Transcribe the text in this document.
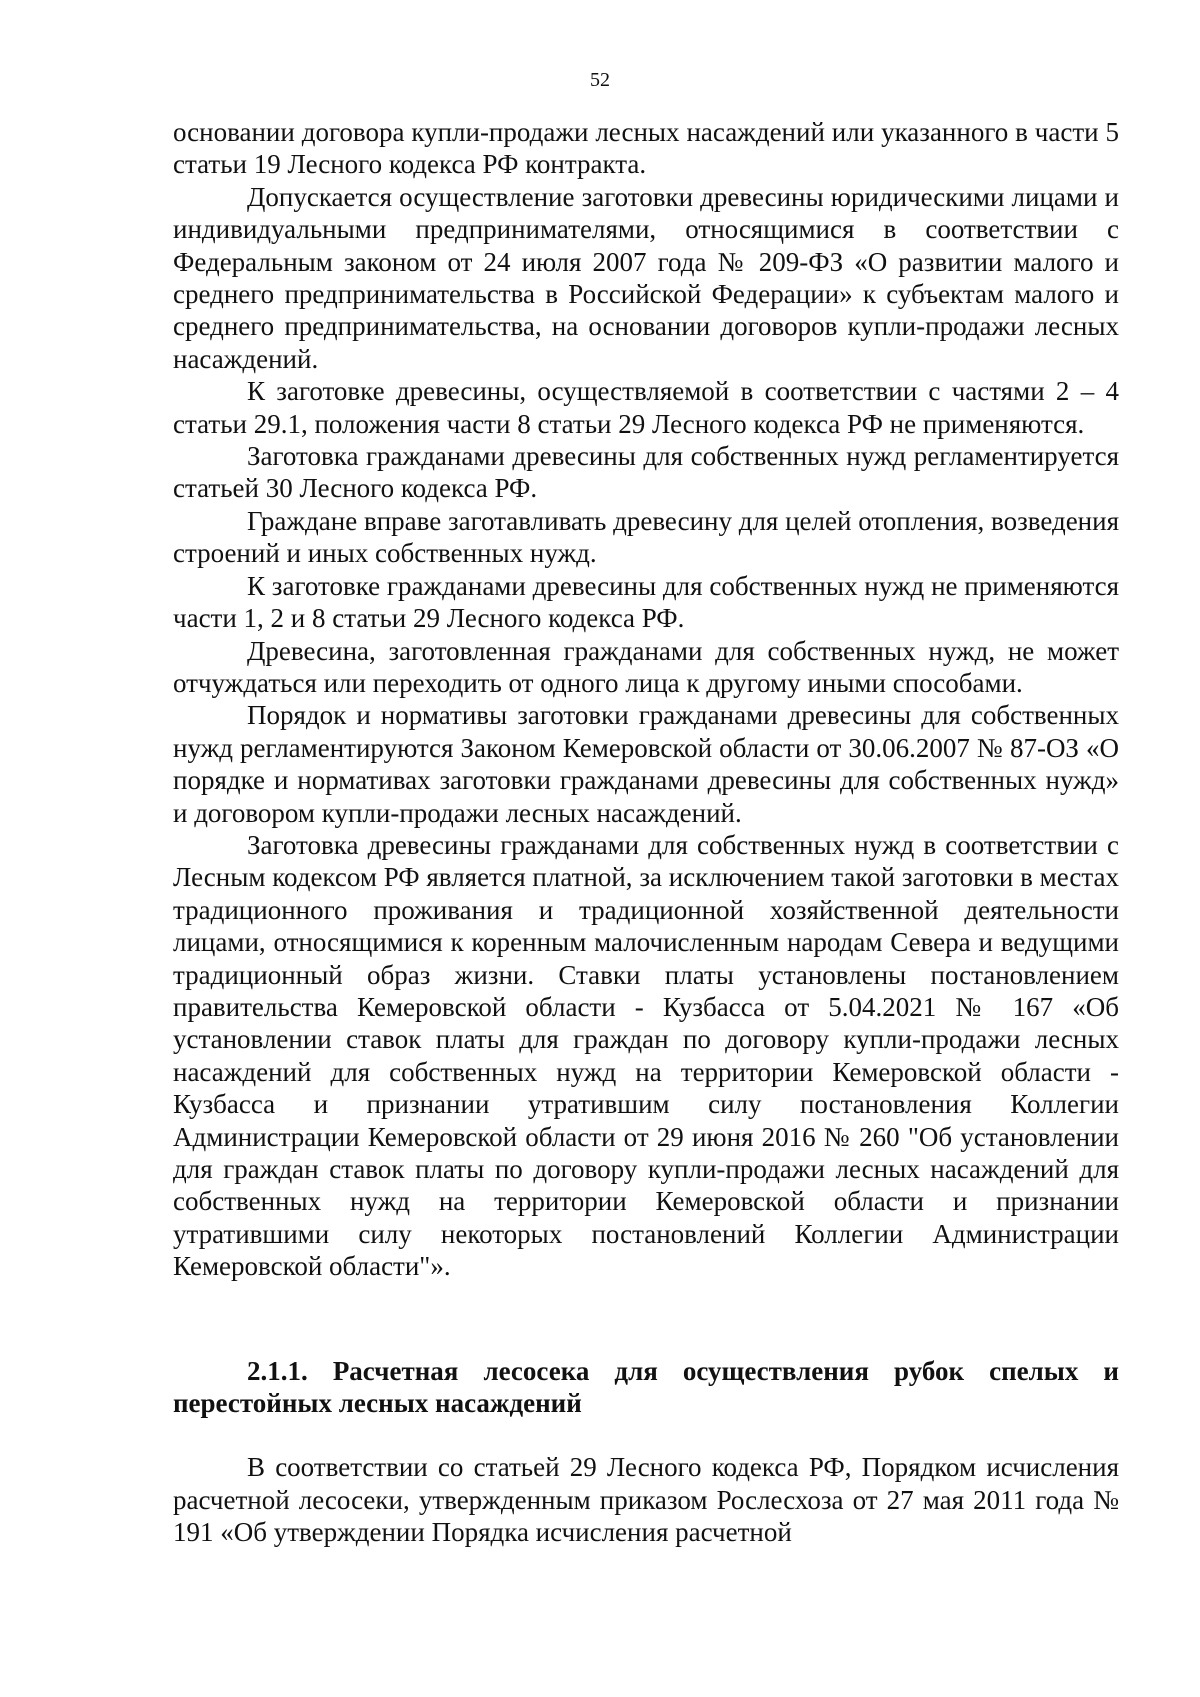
52

основании договора купли-продажи лесных насаждений или указанного в части 5 статьи 19 Лесного кодекса РФ контракта.

Допускается осуществление заготовки древесины юридическими лицами и индивидуальными предпринимателями, относящимися в соответствии с Федеральным законом от 24 июля 2007 года № 209-ФЗ «О развитии малого и среднего предпринимательства в Российской Федерации» к субъектам малого и среднего предпринимательства, на основании договоров купли-продажи лесных насаждений.

К заготовке древесины, осуществляемой в соответствии с частями 2 – 4 статьи 29.1, положения части 8 статьи 29 Лесного кодекса РФ не применяются.

Заготовка гражданами древесины для собственных нужд регламентируется статьей 30 Лесного кодекса РФ.

Граждане вправе заготавливать древесину для целей отопления, возведения строений и иных собственных нужд.

К заготовке гражданами древесины для собственных нужд не применяются части 1, 2 и 8 статьи 29 Лесного кодекса РФ.

Древесина, заготовленная гражданами для собственных нужд, не может отчуждаться или переходить от одного лица к другому иными способами.

Порядок и нормативы заготовки гражданами древесины для собственных нужд регламентируются Законом Кемеровской области от 30.06.2007 № 87-ОЗ «О порядке и нормативах заготовки гражданами древесины для собственных нужд» и договором купли-продажи лесных насаждений.

Заготовка древесины гражданами для собственных нужд в соответствии с Лесным кодексом РФ является платной, за исключением такой заготовки в местах традиционного проживания и традиционной хозяйственной деятельности лицами, относящимися к коренным малочисленным народам Севера и ведущими традиционный образ жизни. Ставки платы установлены постановлением правительства Кемеровской области - Кузбасса от 5.04.2021 № 167 «Об установлении ставок платы для граждан по договору купли-продажи лесных насаждений для собственных нужд на территории Кемеровской области - Кузбасса и признании утратившим силу постановления Коллегии Администрации Кемеровской области от 29 июня 2016 № 260 "Об установлении для граждан ставок платы по договору купли-продажи лесных насаждений для собственных нужд на территории Кемеровской области и признании утратившими силу некоторых постановлений Коллегии Администрации Кемеровской области"».

2.1.1. Расчетная лесосека для осуществления рубок спелых и перестойных лесных насаждений

В соответствии со статьей 29 Лесного кодекса РФ, Порядком исчисления расчетной лесосеки, утвержденным приказом Рослесхоза от 27 мая 2011 года № 191 «Об утверждении Порядка исчисления расчетной
